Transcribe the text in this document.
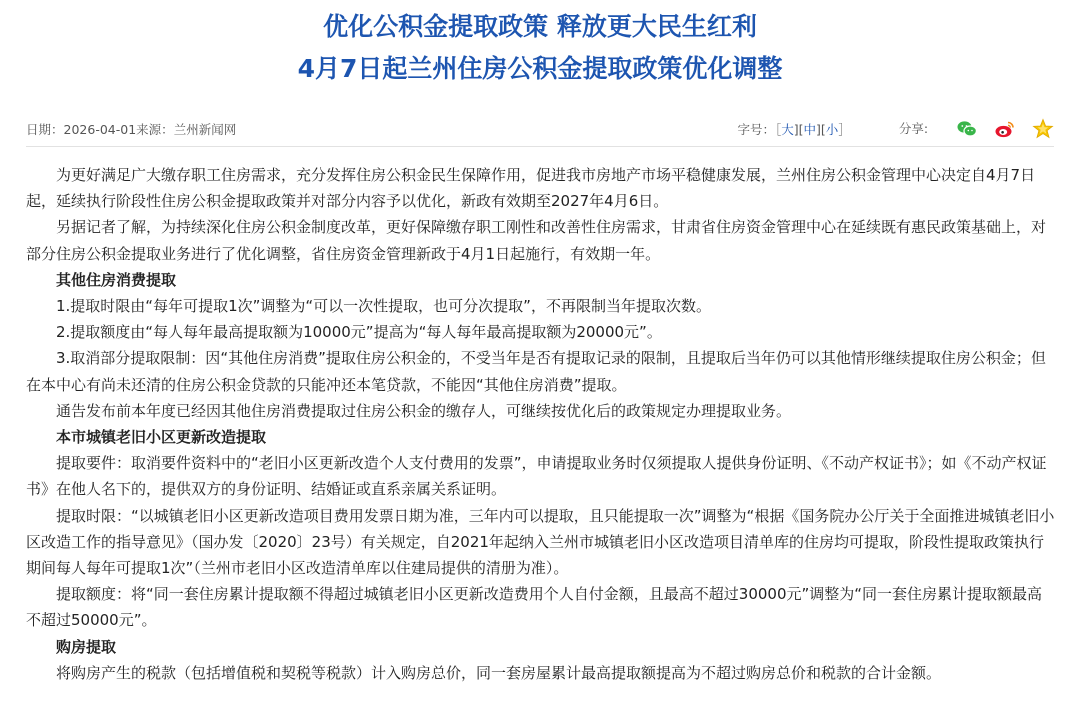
优化公积金提取政策 释放更大民生红利
4月7日起兰州住房公积金提取政策优化调整
日期：2026-04-01来源：兰州新闻网	字号：［大][中][小］	分享:

为更好满足广大缴存职工住房需求，充分发挥住房公积金民生保障作用，促进我市房地产市场平稳健康发展，兰州住房公积金管理中心决定自4月7日起，延续执行阶段性住房公积金提取政策并对部分内容予以优化，新政有效期至2027年4月6日。

另据记者了解，为持续深化住房公积金制度改革，更好保障缴存职工刚性和改善性住房需求，甘肃省住房资金管理中心在延续既有惠民政策基础上，对部分住房公积金提取业务进行了优化调整，省住房资金管理新政于4月1日起施行，有效期一年。

其他住房消费提取

1.提取时限由“每年可提取1次”调整为“可以一次性提取，也可分次提取”，不再限制当年提取次数。

2.提取额度由“每人每年最高提取额为10000元”提高为“每人每年最高提取额为20000元”。

3.取消部分提取限制：因“其他住房消费”提取住房公积金的，不受当年是否有提取记录的限制，且提取后当年仍可以其他情形继续提取住房公积金；但在本中心有尚未还清的住房公积金贷款的只能冲还本笔贷款，不能因“其他住房消费”提取。

通告发布前本年度已经因其他住房消费提取过住房公积金的缴存人，可继续按优化后的政策规定办理提取业务。

本市城镇老旧小区更新改造提取

提取要件：取消要件资料中的“老旧小区更新改造个人支付费用的发票”，申请提取业务时仅须提取人提供身份证明、《不动产权证书》；如《不动产权证书》在他人名下的，提供双方的身份证明、结婚证或直系亲属关系证明。

提取时限：“以城镇老旧小区更新改造项目费用发票日期为准，三年内可以提取，且只能提取一次”调整为“根据《国务院办公厅关于全面推进城镇老旧小区改造工作的指导意见》（国办发〔2020〕23号）有关规定，自2021年起纳入兰州市城镇老旧小区改造项目清单库的住房均可提取，阶段性提取政策执行期间每人每年可提取1次”（兰州市老旧小区改造清单库以住建局提供的清册为准）。

提取额度：将“同一套住房累计提取额不得超过城镇老旧小区更新改造费用个人自付金额，且最高不超过30000元”调整为“同一套住房累计提取额最高不超过50000元”。

购房提取

将购房产生的税款（包括增值税和契税等税款）计入购房总价，同一套房屋累计最高提取额提高为不超过购房总价和税款的合计金额。
